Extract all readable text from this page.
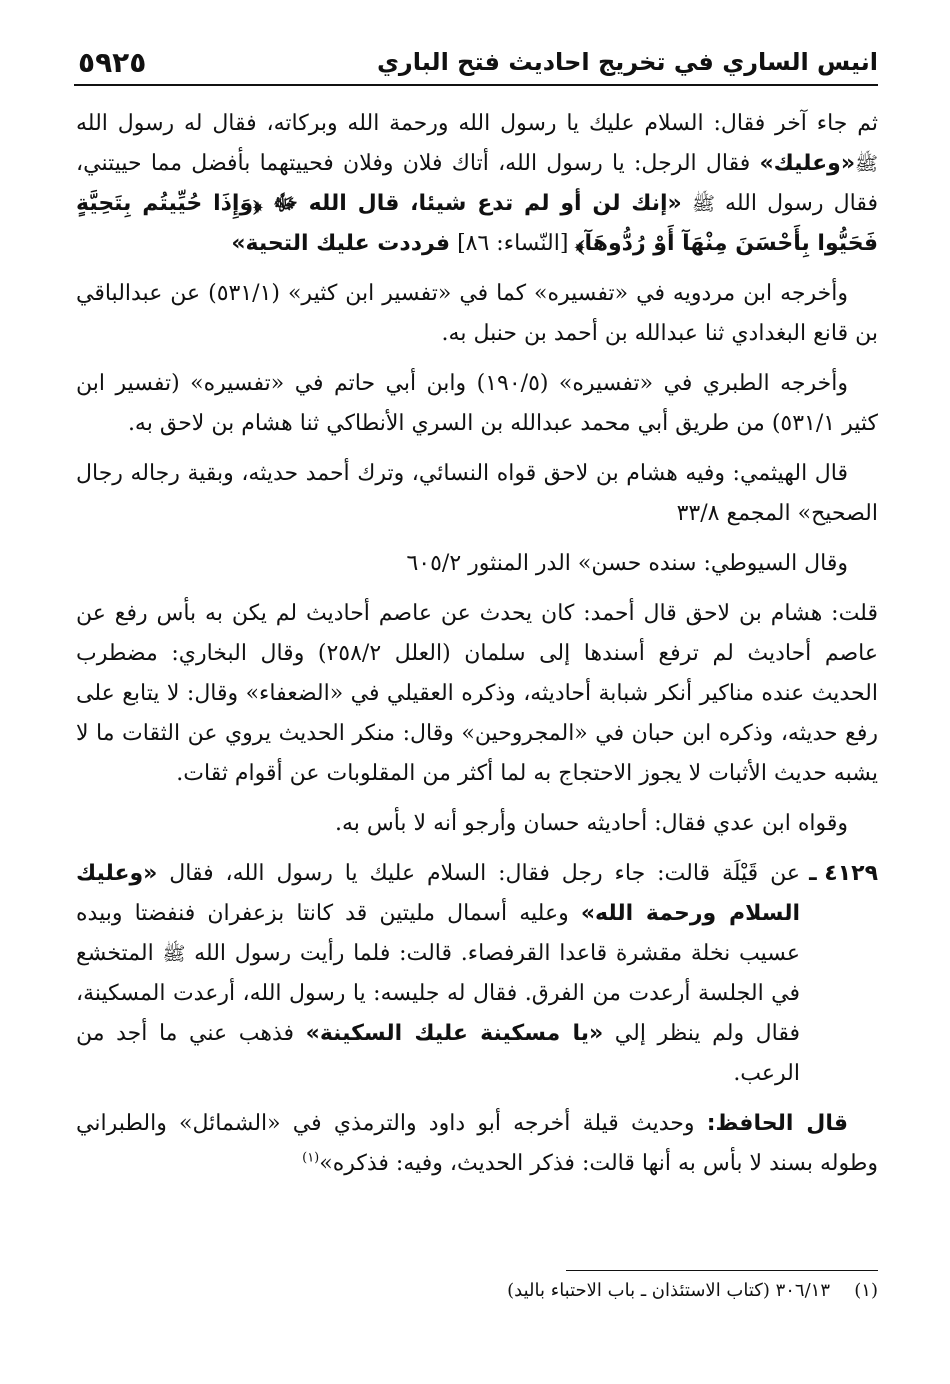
٥٩٢٥	انيس الساري في تخريج احاديث فتح الباري

ثم جاء آخر فقال: السلام عليك يا رسول الله ورحمة الله وبركاته، فقال له رسول الله ﷺ«وعليك» فقال الرجل: يا رسول الله، أتاك فلان وفلان فحييتهما بأفضل مما حييتني، فقال رسول الله ﷺ «إنك لن أو لم تدع شيئا، قال الله ﷻ ﴿وَإِذَا حُيِّيتُم بِتَحِيَّةٍ فَحَيُّوا بِأَحْسَنَ مِنْهَآ أَوْ رُدُّوهَآ﴾ [النّساء: ٨٦] فرددت عليك التحية»

وأخرجه ابن مردويه في «تفسيره» كما في «تفسير ابن كثير» (٥٣١/١) عن عبدالباقي بن قانع البغدادي ثنا عبدالله بن أحمد بن حنبل به.

وأخرجه الطبري في «تفسيره» (١٩٠/٥) وابن أبي حاتم في «تفسيره» (تفسير ابن كثير ٥٣١/١) من طريق أبي محمد عبدالله بن السري الأنطاكي ثنا هشام بن لاحق به.

قال الهيثمي: وفيه هشام بن لاحق قواه النسائي، وترك أحمد حديثه، وبقية رجاله رجال الصحيح» المجمع ٣٣/٨

وقال السيوطي: سنده حسن» الدر المنثور ٦٠٥/٢

قلت: هشام بن لاحق قال أحمد: كان يحدث عن عاصم أحاديث لم يكن به بأس رفع عن عاصم أحاديث لم ترفع أسندها إلى سلمان (العلل ٢٥٨/٢) وقال البخاري: مضطرب الحديث عنده مناكير أنكر شبابة أحاديثه، وذكره العقيلي في «الضعفاء» وقال: لا يتابع على رفع حديثه، وذكره ابن حبان في «المجروحين» وقال: منكر الحديث يروي عن الثقات ما لا يشبه حديث الأثبات لا يجوز الاحتجاج به لما أكثر من المقلوبات عن أقوام ثقات.

وقواه ابن عدي فقال: أحاديثه حسان وأرجو أنه لا بأس به.

٤١٢٩ ـ
عن قَيْلَة قالت: جاء رجل فقال: السلام عليك يا رسول الله، فقال «وعليك السلام ورحمة الله» وعليه أسمال مليتين قد كانتا بزعفران فنفضتا وبيده عسيب نخلة مقشرة قاعدا القرفصاء. قالت: فلما رأيت رسول الله ﷺ المتخشع في الجلسة أرعدت من الفرق. فقال له جليسه: يا رسول الله، أرعدت المسكينة، فقال ولم ينظر إلي «يا مسكينة عليك السكينة» فذهب عني ما أجد من الرعب.

قال الحافظ: وحديث قيلة أخرجه أبو داود والترمذي في «الشمائل» والطبراني وطوله بسند لا بأس به أنها قالت: فذكر الحديث، وفيه: فذكره»$^{(١)}$

(١)٣٠٦/١٣ (كتاب الاستئذان ـ باب الاحتباء باليد)
